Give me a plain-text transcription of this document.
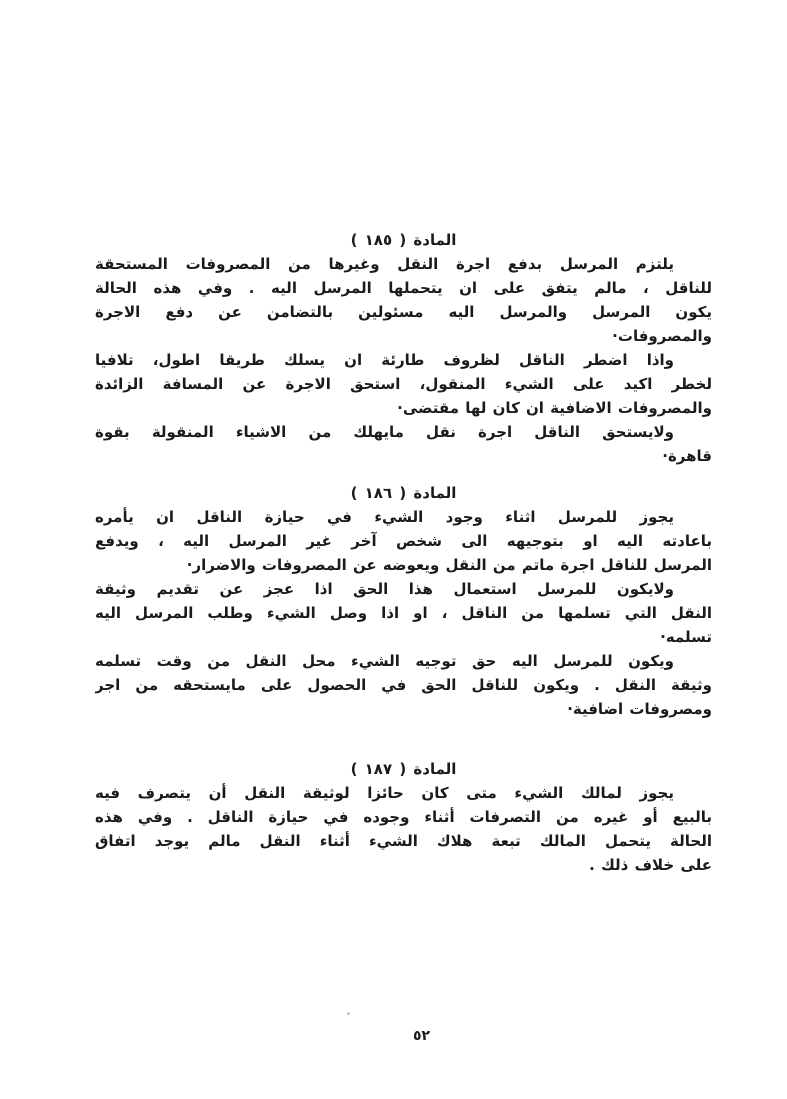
المادة ( ١٨٥ )
يلتزم المرسل بدفع اجرة النقل وغيرها من المصروفات المستحقة
للناقل ، مالم يتفق على ان يتحملها المرسل اليه . وفي هذه الحالة
يكون المرسل والمرسل اليه مسئولين بالتضامن عن دفع الاجرة
والمصروفات·
واذا اضطر الناقل لظروف طارئة ان يسلك طريقا اطول، تلافيا
لخطر اكيد على الشيء المنقول، استحق الاجرة عن المسافة الزائدة
والمصروفات الاضافية ان كان لها مقتضى·
ولايستحق الناقل اجرة نقل مايهلك من الاشياء المنقولة بقوة
قاهرة·
المادة ( ١٨٦ )
يجوز للمرسل اثناء وجود الشيء في حيازة الناقل ان يأمره
باعادته اليه او بتوجيهه الى شخص آخر غير المرسل اليه ، ويدفع
المرسل للناقل اجرة ماتم من النقل ويعوضه عن المصروفات والاضرار·
ولايكون للمرسل استعمال هذا الحق اذا عجز عن تقديم وثيقة
النقل التي تسلمها من الناقل ، او اذا وصل الشيء وطلب المرسل اليه
تسلمه·
ويكون للمرسل اليه حق توجيه الشيء محل النقل من وقت تسلمه
وثيقة النقل . ويكون للناقل الحق في الحصول على مايستحقه من اجر
ومصروفات اضافية·
المادة ( ١٨٧ )
يجوز لمالك الشيء متى كان حائزا لوثيقة النقل أن يتصرف فيه
بالبيع أو غيره من التصرفات أثناء وجوده في حيازة الناقل . وفي هذه
الحالة يتحمل المالك تبعة هلاك الشيء أثناء النقل مالم يوجد اتفاق
على خلاف ذلك .
٥٢
